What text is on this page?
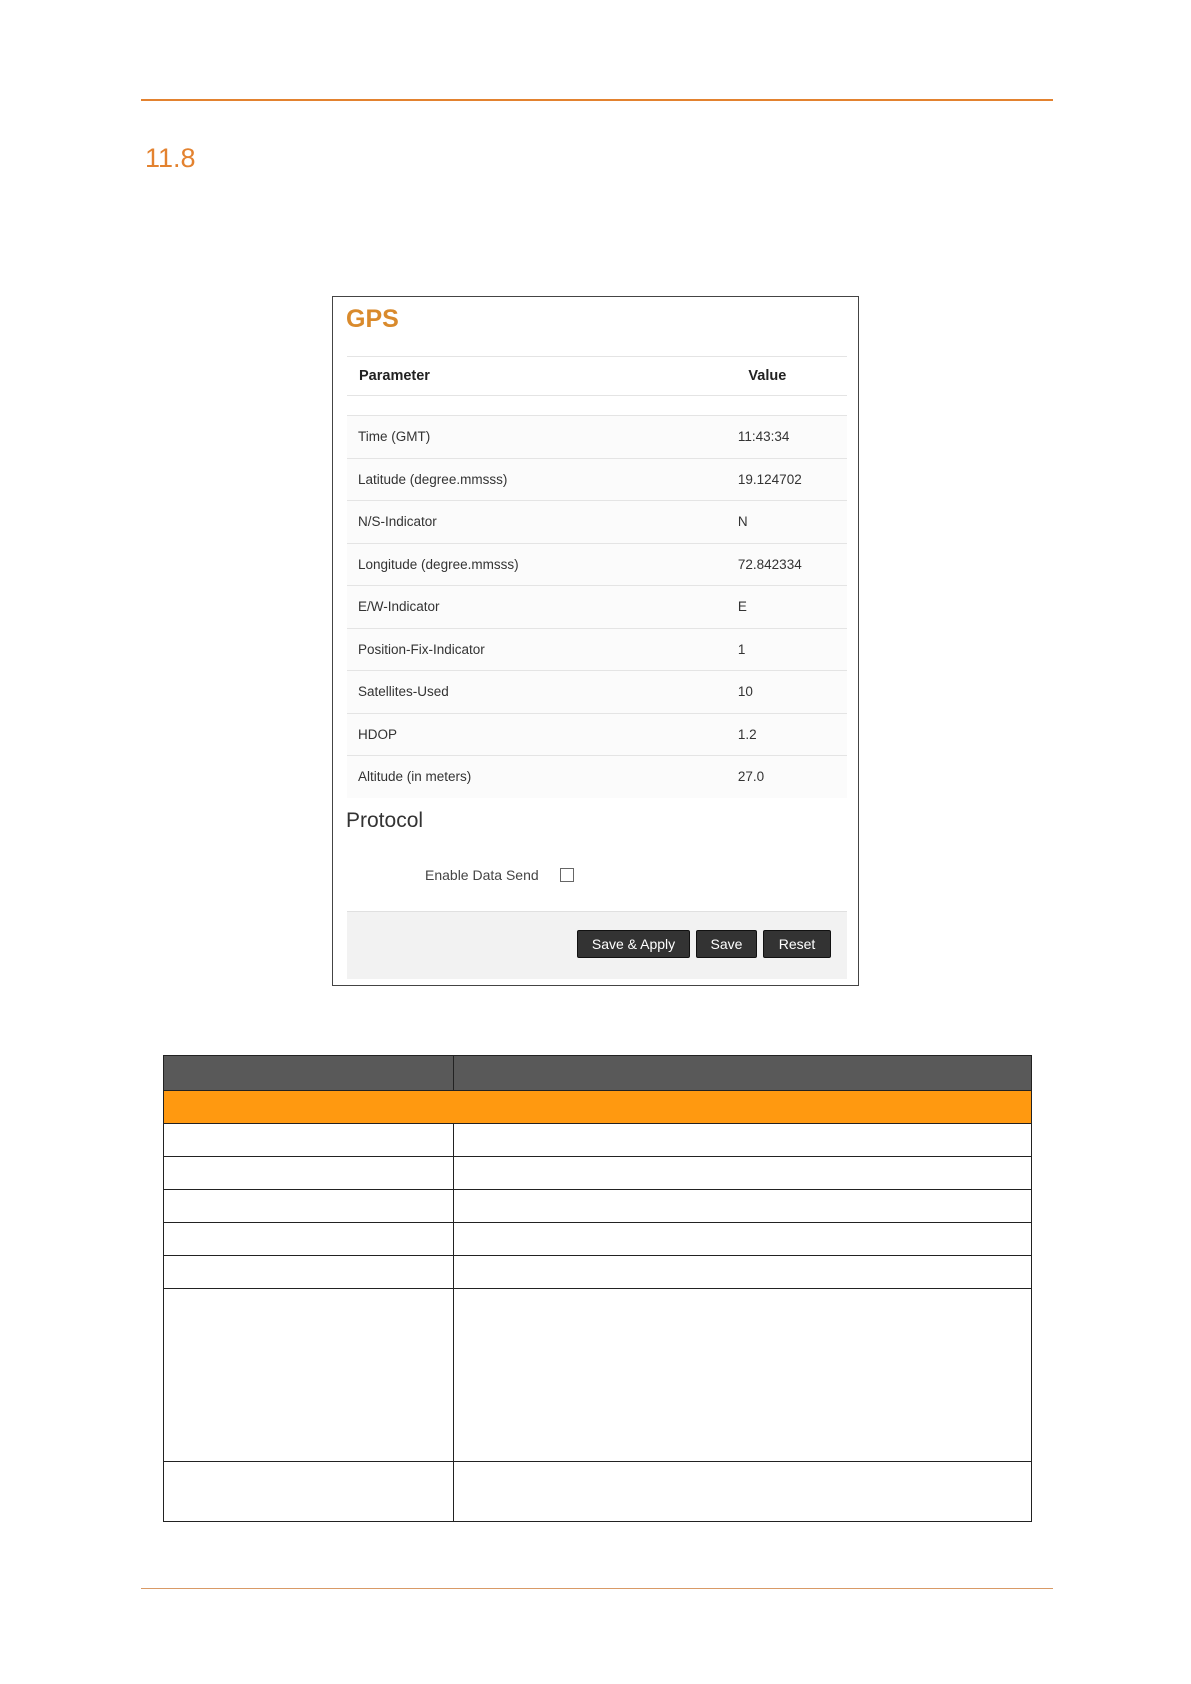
11.8
GPS
Parameter	Value
Time (GMT)	11:43:34
Latitude (degree.mmsss)	19.124702
N/S-Indicator	N
Longitude (degree.mmsss)	72.842334
E/W-Indicator	E
Position-Fix-Indicator	1
Satellites-Used	10
HDOP	1.2
Altitude (in meters)	27.0
Protocol
Enable Data Send
Save & Apply	Save	Reset
